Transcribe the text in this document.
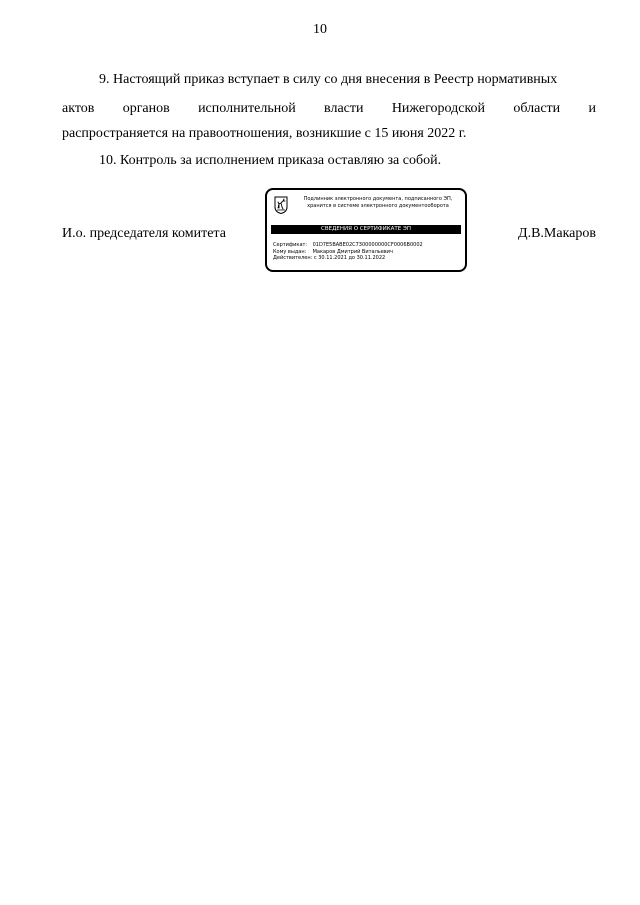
10
9. Настоящий приказ вступает в силу со дня внесения в Реестр нормативных
актов органов исполнительной власти Нижегородской области и
распространяется на правоотношения, возникшие с 15 июня 2022 г.
10. Контроль за исполнением приказа оставляю за собой.
И.о. председателя комитета
Подлинник электронного документа, подписанного ЭП,
хранится в системе электронного документооборота
СВЕДЕНИЯ О СЕРТИФИКАТЕ ЭП
Сертификат: 01D7E5BABE02C7300000000CF0006B0002
Кому выдан: Макаров Дмитрий Витальевич
Действителен: с 30.11.2021 до 30.11.2022
Д.В.Макаров
